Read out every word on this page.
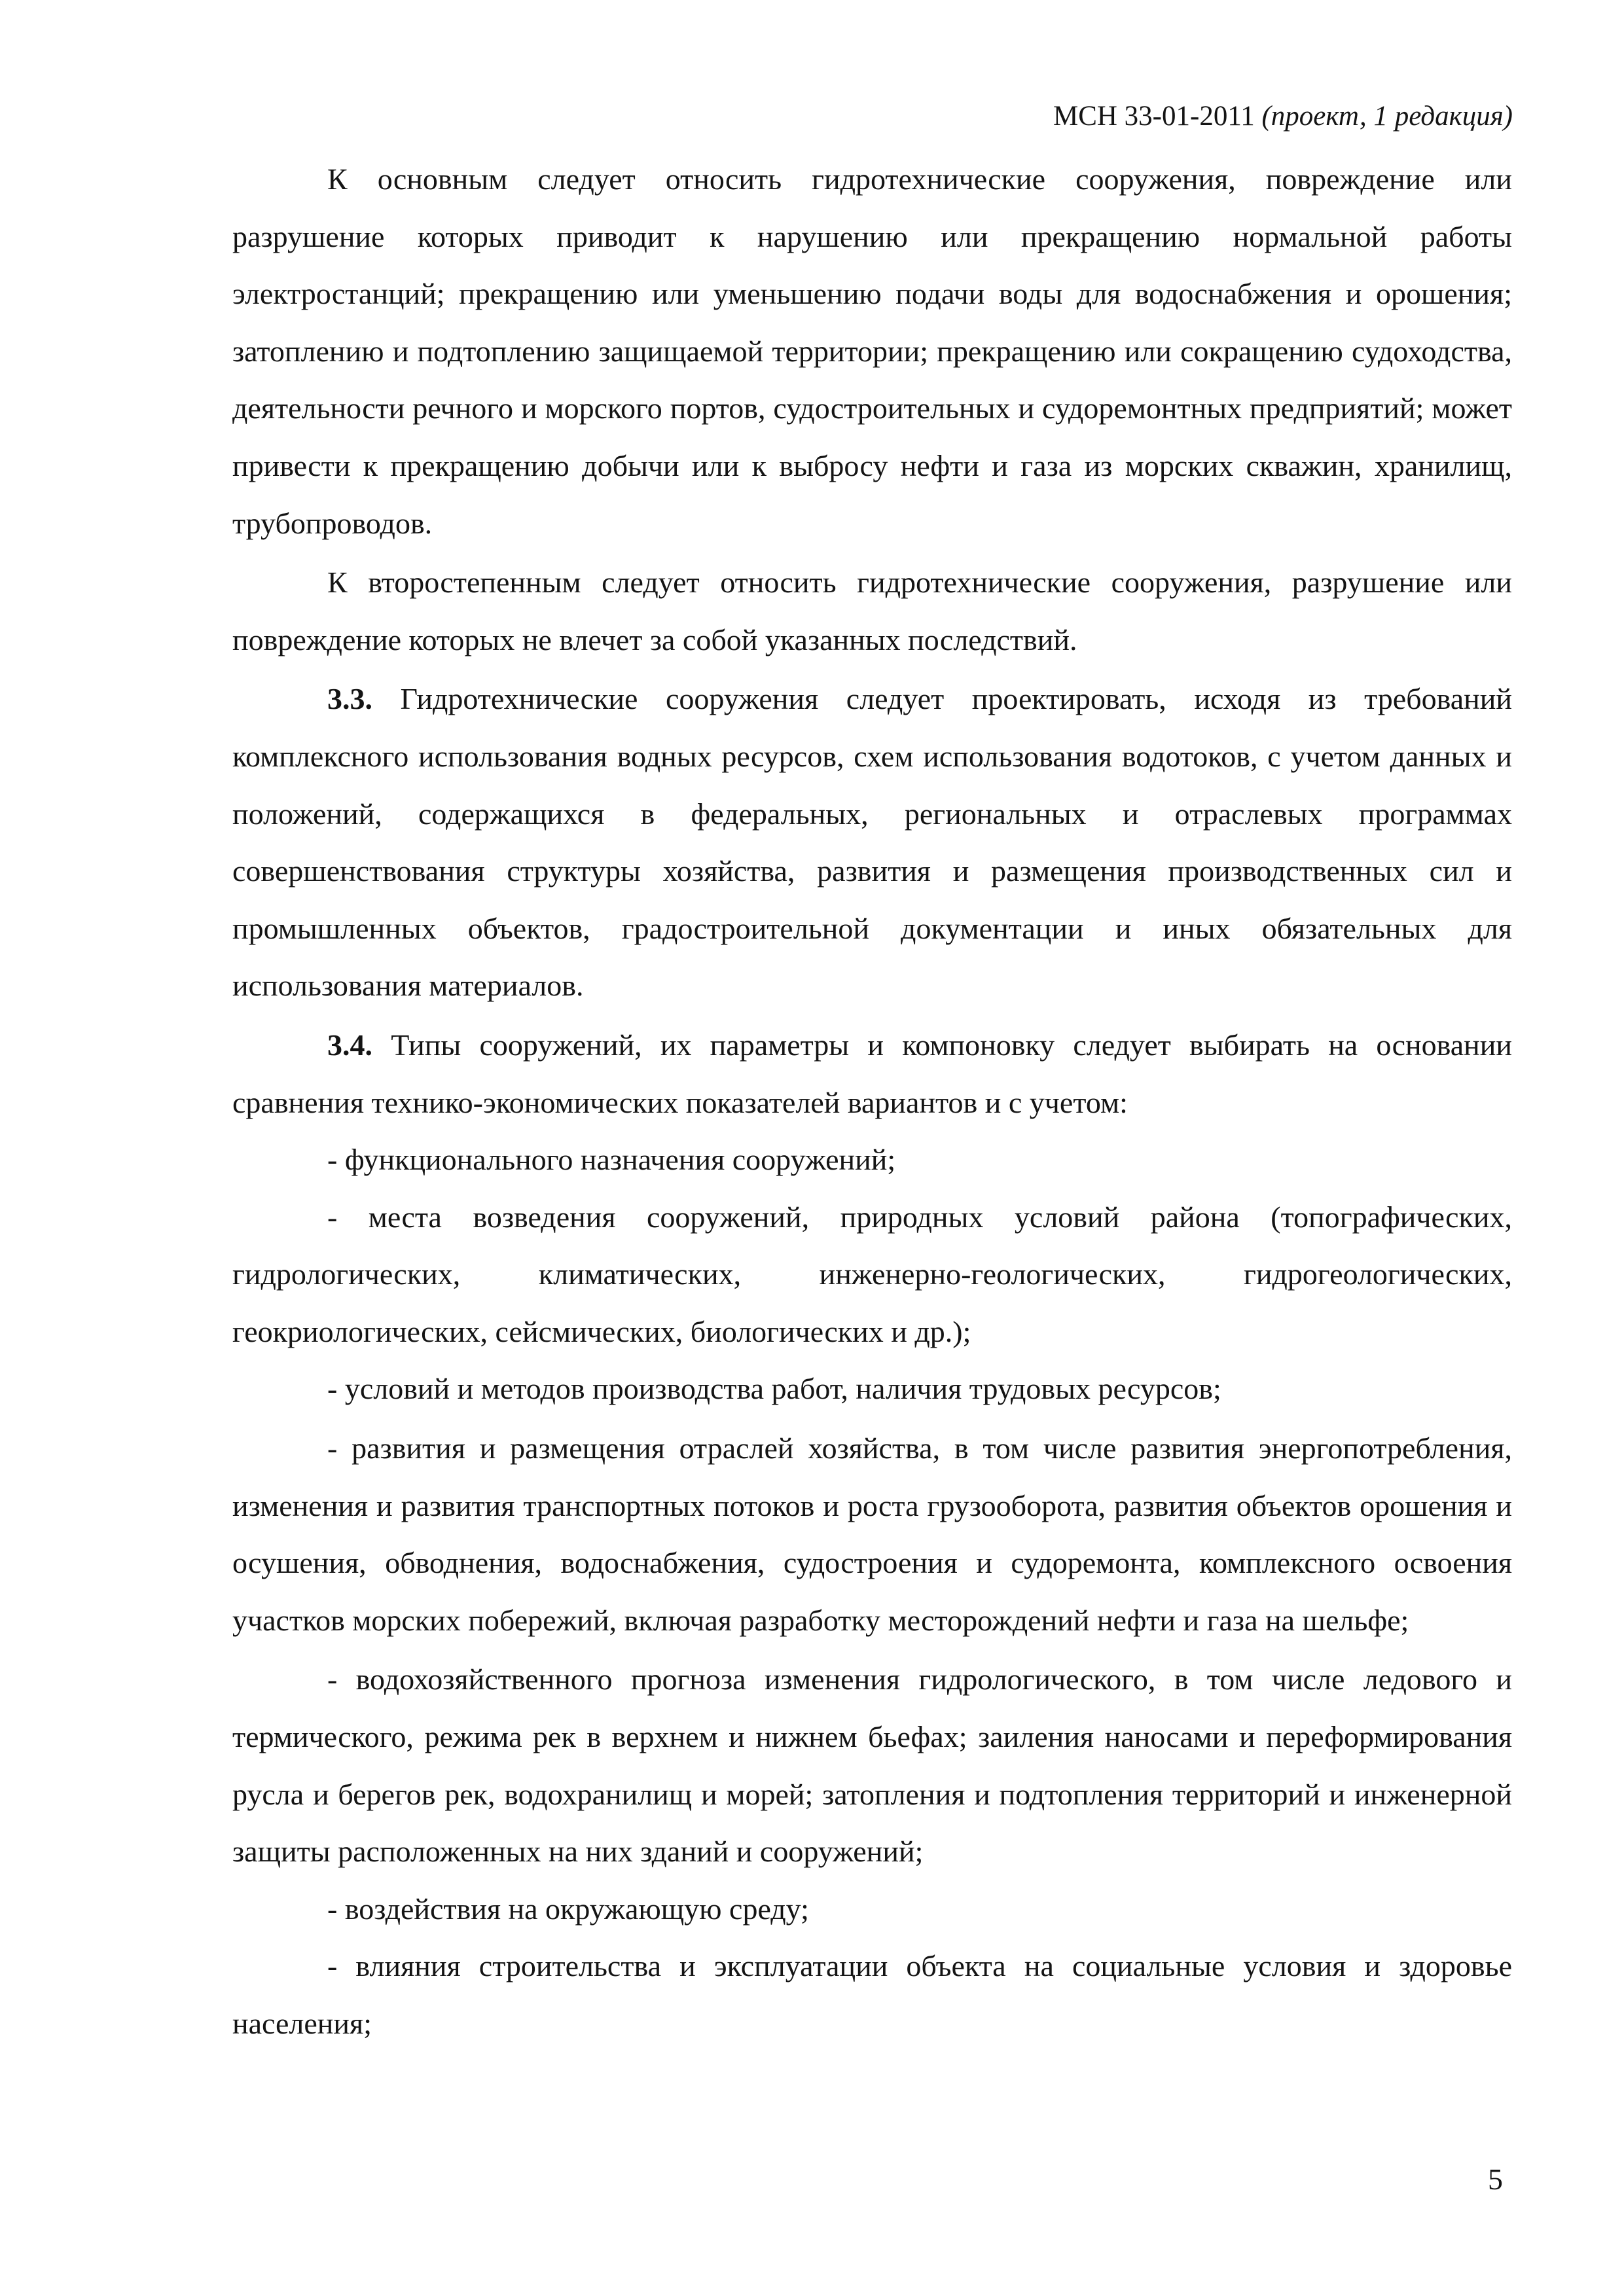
МСН 33-01-2011 (проект, 1 редакция)

К основным следует относить гидротехнические сооружения, повреждение или разрушение которых приводит к нарушению или прекращению нормальной работы электростанций; прекращению или уменьшению подачи воды для водоснабжения и орошения; затоплению и подтоплению защищаемой территории; прекращению или сокращению судоходства, деятельности речного и морского портов, судостроительных и судоремонтных предприятий; может привести к прекращению добычи или к выбросу нефти и газа из морских скважин, хранилищ, трубопроводов.

К второстепенным следует относить гидротехнические сооружения, разрушение или повреждение которых не влечет за собой указанных последствий.

3.3. Гидротехнические сооружения следует проектировать, исходя из требований комплексного использования водных ресурсов, схем использования водотоков, с учетом данных и положений, содержащихся в федеральных, региональных и отраслевых программах совершенствования структуры хозяйства, развития и размещения производственных сил и промышленных объектов, градостроительной документации и иных обязательных для использования материалов.

3.4. Типы сооружений, их параметры и компоновку следует выбирать на основании сравнения технико-экономических показателей вариантов и с учетом:

- функционального назначения сооружений;

- места возведения сооружений, природных условий района (топографических, гидрологических, климатических, инженерно-геологических, гидрогеологических, геокриологических, сейсмических, биологических и др.);

- условий и методов производства работ, наличия трудовых ресурсов;

- развития и размещения отраслей хозяйства, в том числе развития энергопотребления, изменения и развития транспортных потоков и роста грузооборота, развития объектов орошения и осушения, обводнения, водоснабжения, судостроения и судоремонта, комплексного освоения участков морских побережий, включая разработку месторождений нефти и газа на шельфе;

- водохозяйственного прогноза изменения гидрологического, в том числе ледового и термического, режима рек в верхнем и нижнем бьефах; заиления наносами и переформирования русла и берегов рек, водохранилищ и морей; затопления и подтопления территорий и инженерной защиты расположенных на них зданий и сооружений;

- воздействия на окружающую среду;

- влияния строительства и эксплуатации объекта на социальные условия и здоровье населения;

5
